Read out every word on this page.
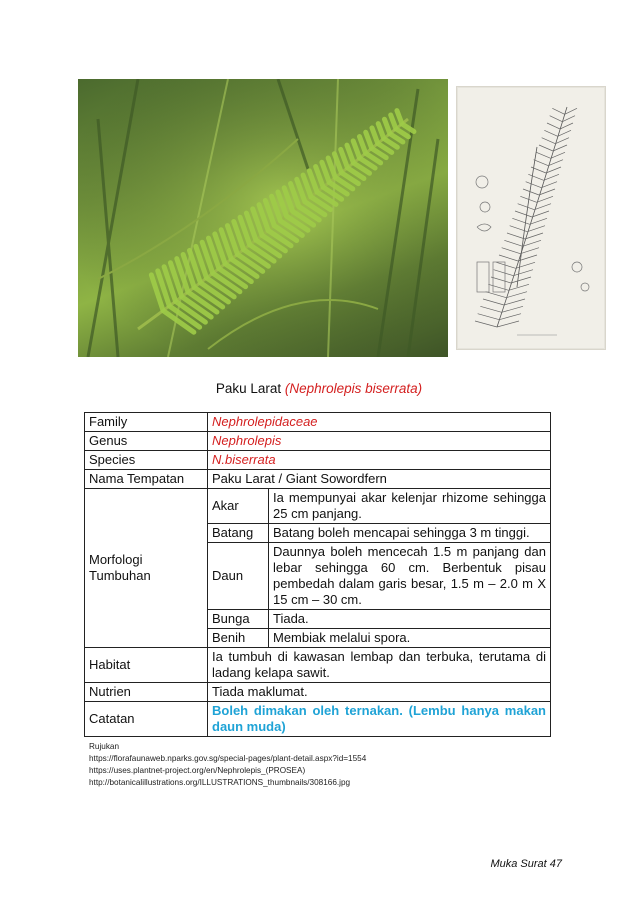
Paku Larat (Nephrolepis biserrata)
Family	Nephrolepidaceae	
Genus	Nephrolepis	
Species	N.biserrata	
Nama Tempatan	Paku Larat / Giant Sowordfern	
Morfologi
Tumbuhan	Akar	Ia mempunyai akar kelenjar rhizome sehingga 25 cm panjang.
	Batang	Batang boleh mencapai sehingga 3 m tinggi.
	Daun	Daunnya boleh mencecah 1.5 m panjang dan lebar sehingga 60 cm. Berbentuk pisau pembedah dalam garis besar, 1.5 m – 2.0 m X 15 cm – 30 cm.
	Bunga	Tiada.
	Benih	Membiak melalui spora.
Habitat	Ia tumbuh di kawasan lembap dan terbuka, terutama di ladang kelapa sawit.	
Nutrien	Tiada maklumat.	
Catatan	Boleh dimakan oleh ternakan. (Lembu hanya makan daun muda)	
Rujukan
https://florafaunaweb.nparks.gov.sg/special-pages/plant-detail.aspx?id=1554
https://uses.plantnet-project.org/en/Nephrolepis_(PROSEA)
http://botanicalillustrations.org/ILLUSTRATIONS_thumbnails/308166.jpg
Muka Surat 47
